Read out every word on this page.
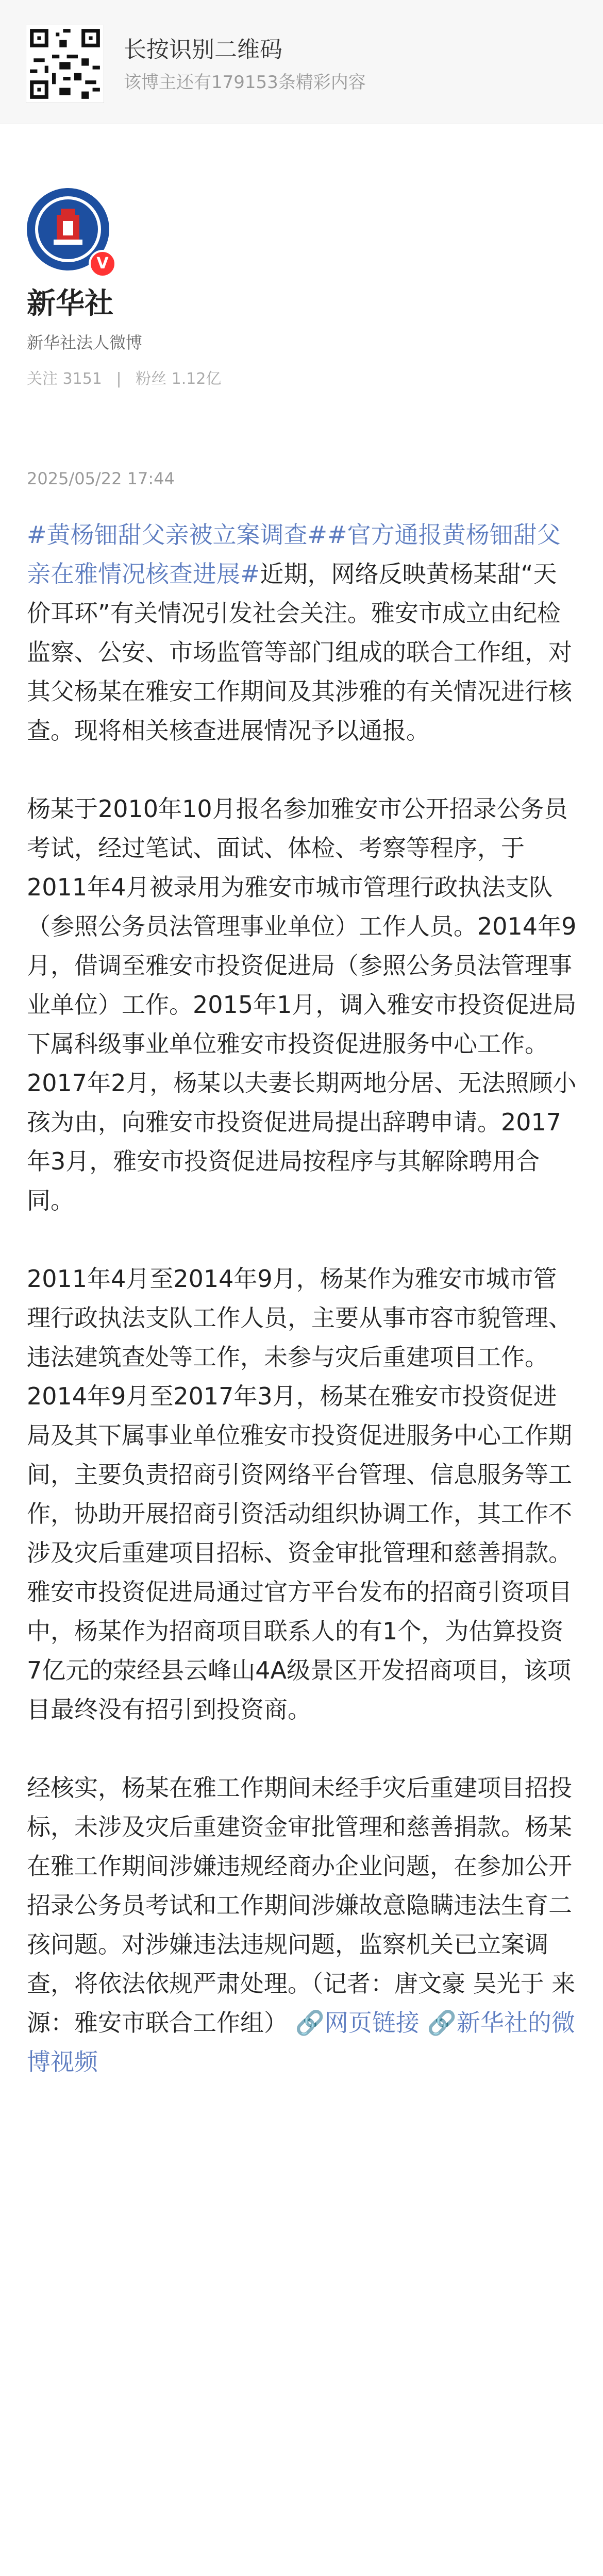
长按识别二维码
该博主还有179153条精彩内容
V
新华社
新华社法人微博
关注 3151 | 粉丝 1.12亿
2025/05/22 17:44

#黄杨钿甜父亲被立案调查##官方通报黄杨钿甜父亲在雅情况核查进展#近期，网络反映黄杨某甜“天价耳环”有关情况引发社会关注。雅安市成立由纪检监察、公安、市场监管等部门组成的联合工作组，对其父杨某在雅安工作期间及其涉雅的有关情况进行核查。现将相关核查进展情况予以通报。

杨某于2010年10月报名参加雅安市公开招录公务员考试，经过笔试、面试、体检、考察等程序，于2011年4月被录用为雅安市城市管理行政执法支队（参照公务员法管理事业单位）工作人员。2014年9月，借调至雅安市投资促进局（参照公务员法管理事业单位）工作。2015年1月，调入雅安市投资促进局下属科级事业单位雅安市投资促进服务中心工作。2017年2月，杨某以夫妻长期两地分居、无法照顾小孩为由，向雅安市投资促进局提出辞聘申请。2017年3月，雅安市投资促进局按程序与其解除聘用合同。

2011年4月至2014年9月，杨某作为雅安市城市管理行政执法支队工作人员，主要从事市容市貌管理、违法建筑查处等工作，未参与灾后重建项目工作。2014年9月至2017年3月，杨某在雅安市投资促进局及其下属事业单位雅安市投资促进服务中心工作期间，主要负责招商引资网络平台管理、信息服务等工作，协助开展招商引资活动组织协调工作，其工作不涉及灾后重建项目招标、资金审批管理和慈善捐款。雅安市投资促进局通过官方平台发布的招商引资项目中，杨某作为招商项目联系人的有1个，为估算投资7亿元的荥经县云峰山4A级景区开发招商项目，该项目最终没有招引到投资商。

经核实，杨某在雅工作期间未经手灾后重建项目招投标，未涉及灾后重建资金审批管理和慈善捐款。杨某在雅工作期间涉嫌违规经商办企业问题，在参加公开招录公务员考试和工作期间涉嫌故意隐瞒违法生育二孩问题。对涉嫌违法违规问题，监察机关已立案调查，将依法依规严肃处理。（记者：唐文豪 吴光于 来源：雅安市联合工作组） 🔗网页链接 🔗新华社的微博视频
